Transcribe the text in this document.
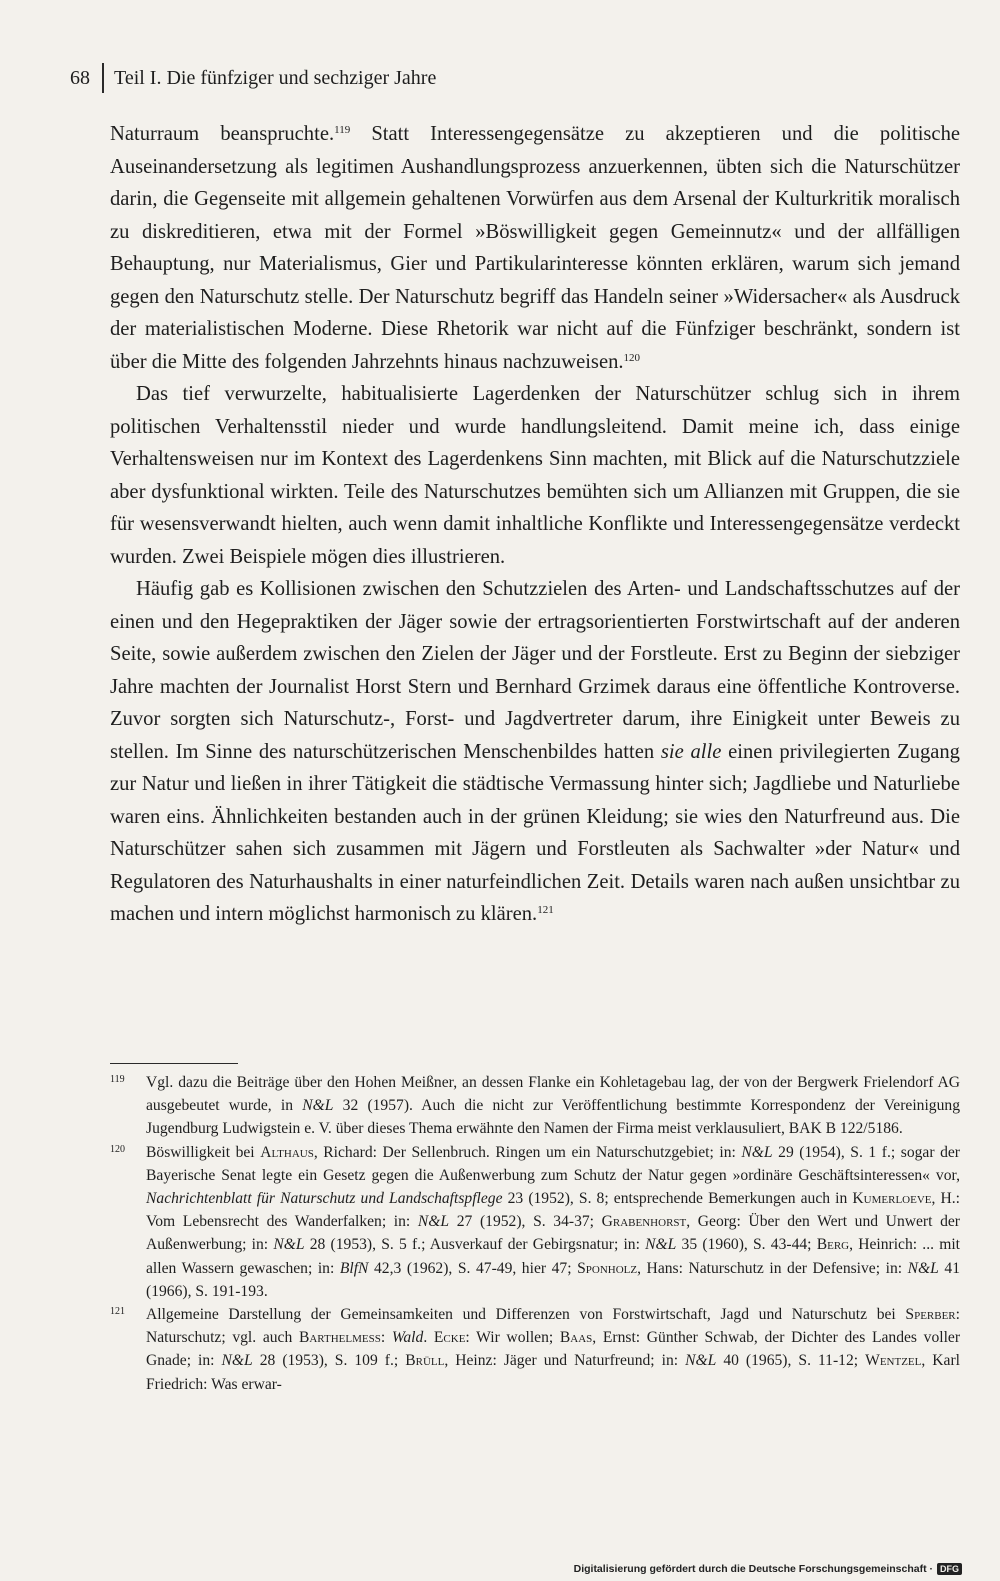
68 Teil I. Die fünfziger und sechziger Jahre

Naturraum beanspruchte.$^{119}$ Statt Interessengegensätze zu akzeptieren und die politische Auseinandersetzung als legitimen Aushandlungsprozess anzuerkennen, übten sich die Naturschützer darin, die Gegenseite mit allgemein gehaltenen Vorwürfen aus dem Arsenal der Kulturkritik moralisch zu diskreditieren, etwa mit der Formel »Böswilligkeit gegen Gemeinnutz« und der allfälligen Behauptung, nur Materialismus, Gier und Partikularinteresse könnten erklären, warum sich jemand gegen den Naturschutz stelle. Der Naturschutz begriff das Handeln seiner »Widersacher« als Ausdruck der materialistischen Moderne. Diese Rhetorik war nicht auf die Fünfziger beschränkt, sondern ist über die Mitte des folgenden Jahrzehnts hinaus nachzuweisen.$^{120}$

Das tief verwurzelte, habitualisierte Lagerdenken der Naturschützer schlug sich in ihrem politischen Verhaltensstil nieder und wurde handlungsleitend. Damit meine ich, dass einige Verhaltensweisen nur im Kontext des Lagerdenkens Sinn machten, mit Blick auf die Naturschutzziele aber dysfunktional wirkten. Teile des Naturschutzes bemühten sich um Allianzen mit Gruppen, die sie für wesensverwandt hielten, auch wenn damit inhaltliche Konflikte und Interessengegensätze verdeckt wurden. Zwei Beispiele mögen dies illustrieren.

Häufig gab es Kollisionen zwischen den Schutzzielen des Arten- und Landschaftsschutzes auf der einen und den Hegepraktiken der Jäger sowie der ertragsorientierten Forstwirtschaft auf der anderen Seite, sowie außerdem zwischen den Zielen der Jäger und der Forstleute. Erst zu Beginn der siebziger Jahre machten der Journalist Horst Stern und Bernhard Grzimek daraus eine öffentliche Kontroverse. Zuvor sorgten sich Naturschutz-, Forst- und Jagdvertreter darum, ihre Einigkeit unter Beweis zu stellen. Im Sinne des naturschützerischen Menschenbildes hatten sie alle einen privilegierten Zugang zur Natur und ließen in ihrer Tätigkeit die städtische Vermassung hinter sich; Jagdliebe und Naturliebe waren eins. Ähnlichkeiten bestanden auch in der grünen Kleidung; sie wies den Naturfreund aus. Die Naturschützer sahen sich zusammen mit Jägern und Forstleuten als Sachwalter »der Natur« und Regulatoren des Naturhaushalts in einer naturfeindlichen Zeit. Details waren nach außen unsichtbar zu machen und intern möglichst harmonisch zu klären.$^{121}$

119	Vgl. dazu die Beiträge über den Hohen Meißner, an dessen Flanke ein Kohletagebau lag, der von der Bergwerk Frielendorf AG ausgebeutet wurde, in N&L 32 (1957). Auch die nicht zur Veröffentlichung bestimmte Korrespondenz der Vereinigung Jugendburg Ludwigstein e. V. über dieses Thema erwähnte den Namen der Firma meist verklausuliert, BAK B 122/5186.
120	Böswilligkeit bei Althaus, Richard: Der Sellenbruch. Ringen um ein Naturschutzgebiet; in: N&L 29 (1954), S. 1 f.; sogar der Bayerische Senat legte ein Gesetz gegen die Außenwerbung zum Schutz der Natur gegen »ordinäre Geschäftsinteressen« vor, Nachrichtenblatt für Naturschutz und Landschaftspflege 23 (1952), S. 8; entsprechende Bemerkungen auch in Kumerloeve, H.: Vom Lebensrecht des Wanderfalken; in: N&L 27 (1952), S. 34-37; Grabenhorst, Georg: Über den Wert und Unwert der Außenwerbung; in: N&L 28 (1953), S. 5 f.; Ausverkauf der Gebirgsnatur; in: N&L 35 (1960), S. 43-44; Berg, Heinrich: ... mit allen Wassern gewaschen; in: BlfN 42,3 (1962), S. 47-49, hier 47; Sponholz, Hans: Naturschutz in der Defensive; in: N&L 41 (1966), S. 191-193.
121	Allgemeine Darstellung der Gemeinsamkeiten und Differenzen von Forstwirtschaft, Jagd und Naturschutz bei Sperber: Naturschutz; vgl. auch Barthelmess: Wald. Ecke: Wir wollen; Baas, Ernst: Günther Schwab, der Dichter des Landes voller Gnade; in: N&L 28 (1953), S. 109 f.; Brüll, Heinz: Jäger und Naturfreund; in: N&L 40 (1965), S. 11-12; Wentzel, Karl Friedrich: Was erwar-
Digitalisierung gefördert durch die Deutsche Forschungsgemeinschaft · DFG
